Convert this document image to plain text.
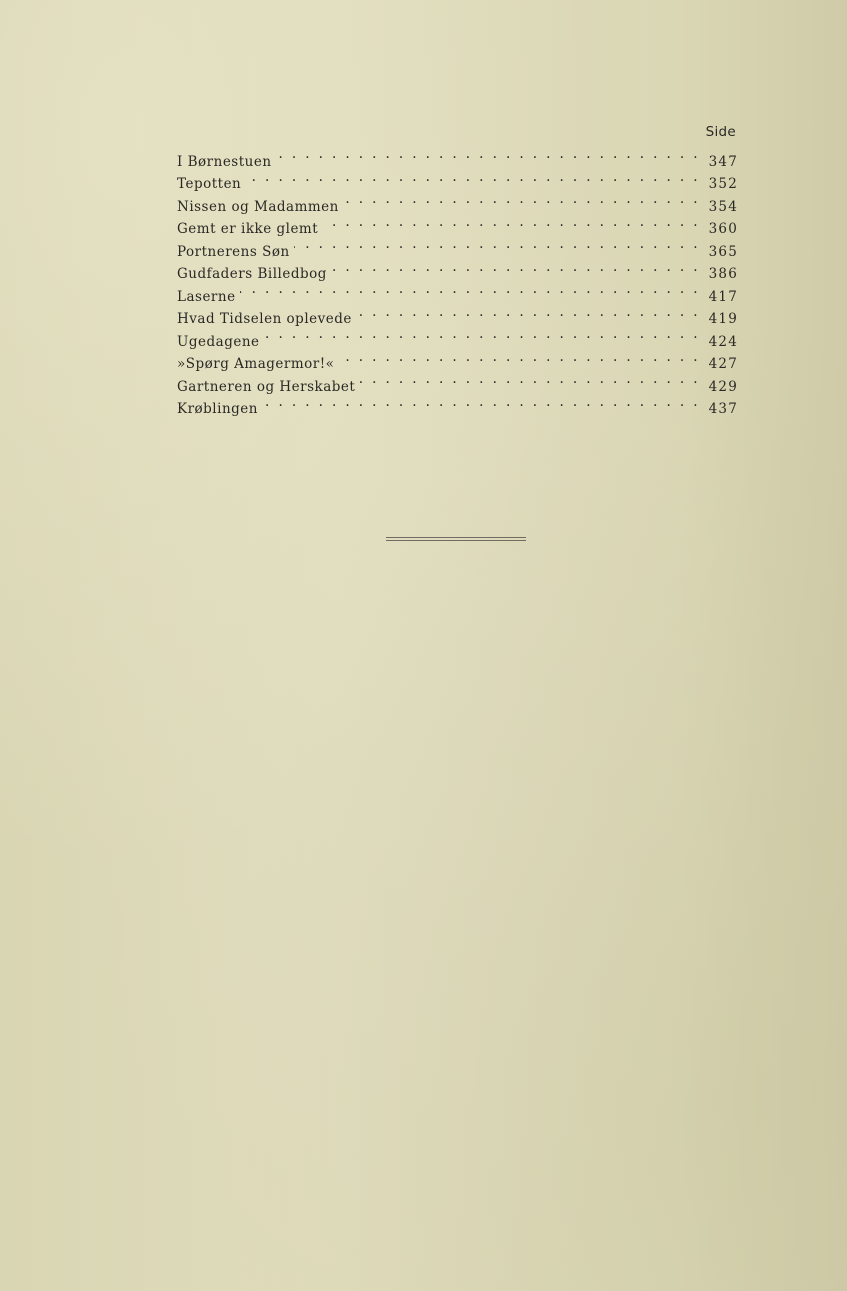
Side
I Børnestuen . . .	347
Tepotten . . .	352
Nissen og Madammen . . .	354
Gemt er ikke glemt . . .	360
Portnerens Søn . . .	365
Gudfaders Billedbog . . .	386
Laserne . . .	417
Hvad Tidselen oplevede . . .	419
Ugedagene . . .	424
»Spørg Amagermor!« . . .	427
Gartneren og Herskabet . . .	429
Krøblingen . . .	437
